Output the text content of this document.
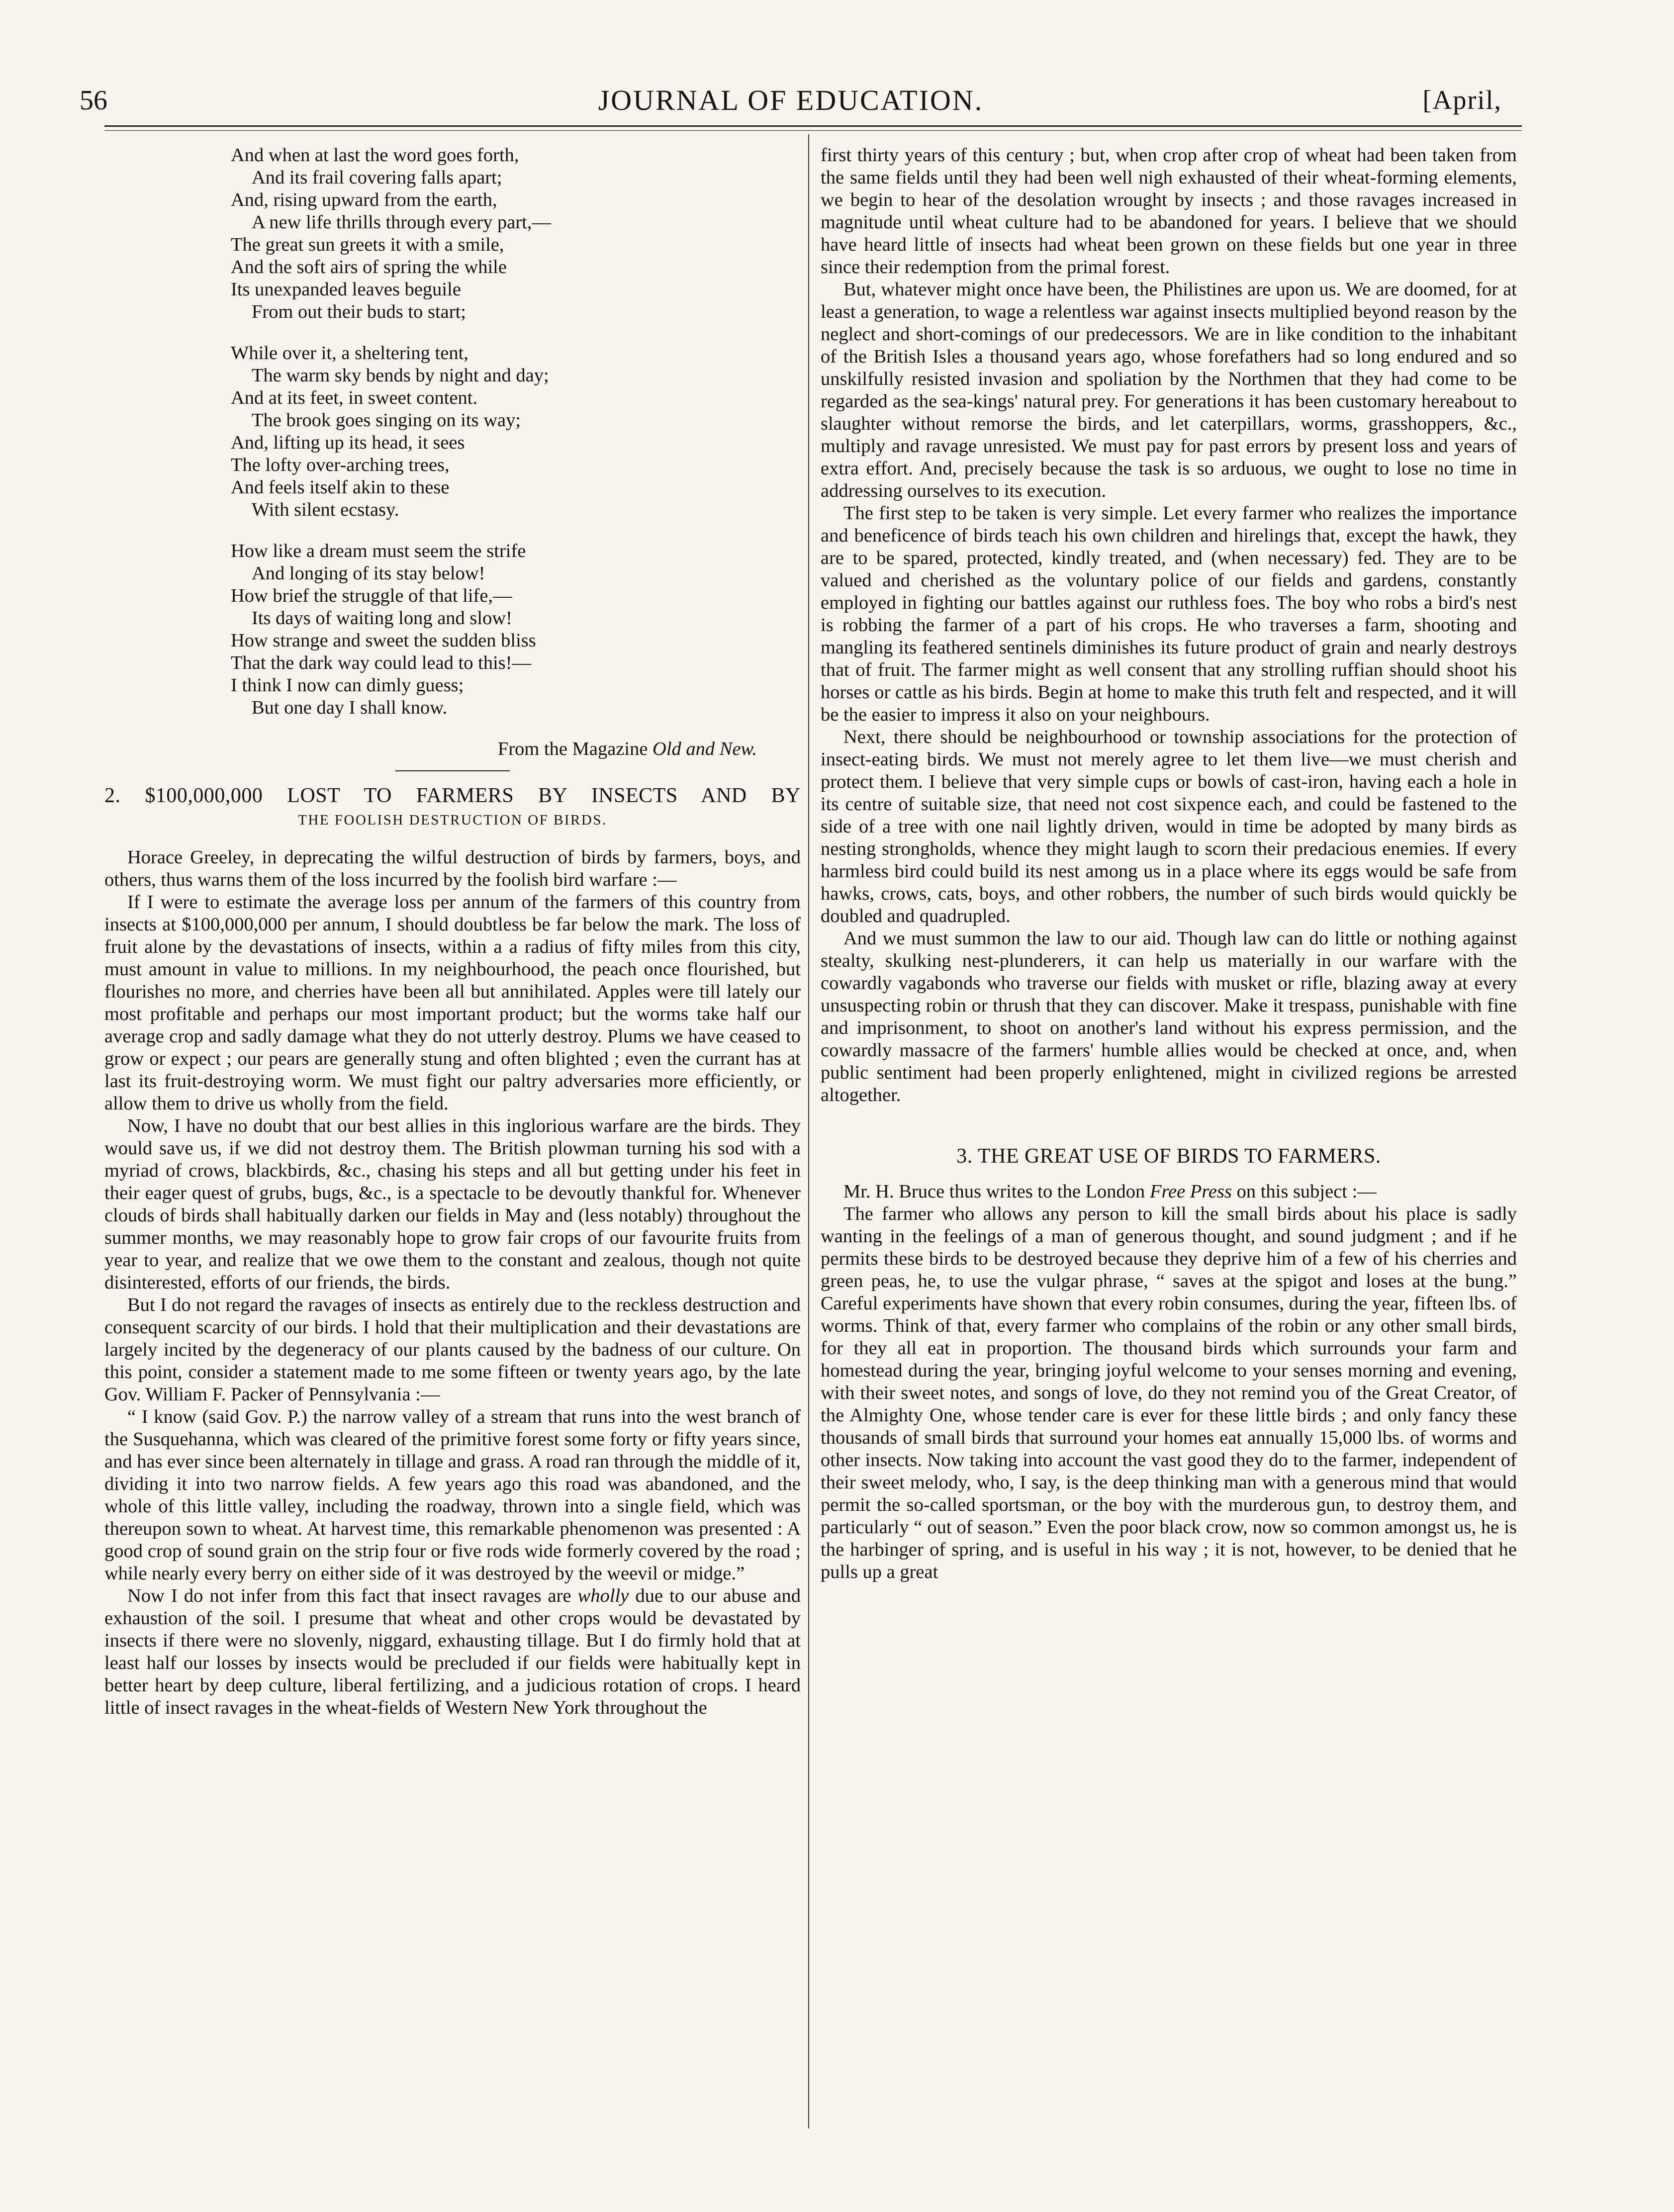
56	JOURNAL OF EDUCATION.	[April,
And when at last the word goes forth,
And its frail covering falls apart;
And, rising upward from the earth,
A new life thrills through every part,—
The great sun greets it with a smile,
And the soft airs of spring the while
Its unexpanded leaves beguile
From out their buds to start;
While over it, a sheltering tent,
The warm sky bends by night and day;
And at its feet, in sweet content.
The brook goes singing on its way;
And, lifting up its head, it sees
The lofty over-arching trees,
And feels itself akin to these
With silent ecstasy.
How like a dream must seem the strife
And longing of its stay below!
How brief the struggle of that life,—
Its days of waiting long and slow!
How strange and sweet the sudden bliss
That the dark way could lead to this!—
I think I now can dimly guess;
But one day I shall know.
From the Magazine Old and New.
2. $100,000,000 LOST TO FARMERS BY INSECTS AND BY
THE FOOLISH DESTRUCTION OF BIRDS.

Horace Greeley, in deprecating the wilful destruction of birds by farmers, boys, and others, thus warns them of the loss incurred by the foolish bird warfare :—

If I were to estimate the average loss per annum of the farmers of this country from insects at $100,000,000 per annum, I should doubtless be far below the mark. The loss of fruit alone by the devastations of insects, within a a radius of fifty miles from this city, must amount in value to millions. In my neighbourhood, the peach once flourished, but flourishes no more, and cherries have been all but annihilated. Apples were till lately our most profitable and perhaps our most important product; but the worms take half our average crop and sadly damage what they do not utterly destroy. Plums we have ceased to grow or expect ; our pears are generally stung and often blighted ; even the currant has at last its fruit-destroying worm. We must fight our paltry adversaries more efficiently, or allow them to drive us wholly from the field.

Now, I have no doubt that our best allies in this inglorious warfare are the birds. They would save us, if we did not destroy them. The British plowman turning his sod with a myriad of crows, blackbirds, &c., chasing his steps and all but getting under his feet in their eager quest of grubs, bugs, &c., is a spectacle to be devoutly thankful for. Whenever clouds of birds shall habitually darken our fields in May and (less notably) throughout the summer months, we may reasonably hope to grow fair crops of our favourite fruits from year to year, and realize that we owe them to the constant and zealous, though not quite disinterested, efforts of our friends, the birds.

But I do not regard the ravages of insects as entirely due to the reckless destruction and consequent scarcity of our birds. I hold that their multiplication and their devastations are largely incited by the degeneracy of our plants caused by the badness of our culture. On this point, consider a statement made to me some fifteen or twenty years ago, by the late Gov. William F. Packer of Pennsylvania :—

“ I know (said Gov. P.) the narrow valley of a stream that runs into the west branch of the Susquehanna, which was cleared of the primitive forest some forty or fifty years since, and has ever since been alternately in tillage and grass. A road ran through the middle of it, dividing it into two narrow fields. A few years ago this road was abandoned, and the whole of this little valley, including the roadway, thrown into a single field, which was thereupon sown to wheat. At harvest time, this remarkable phenomenon was presented : A good crop of sound grain on the strip four or five rods wide formerly covered by the road ; while nearly every berry on either side of it was destroyed by the weevil or midge.”

Now I do not infer from this fact that insect ravages are wholly due to our abuse and exhaustion of the soil. I presume that wheat and other crops would be devastated by insects if there were no slovenly, niggard, exhausting tillage. But I do firmly hold that at least half our losses by insects would be precluded if our fields were habitually kept in better heart by deep culture, liberal fertilizing, and a judicious rotation of crops. I heard little of insect ravages in the wheat-fields of Western New York throughout the

first thirty years of this century ; but, when crop after crop of wheat had been taken from the same fields until they had been well nigh exhausted of their wheat-forming elements, we begin to hear of the desolation wrought by insects ; and those ravages increased in magnitude until wheat culture had to be abandoned for years. I believe that we should have heard little of insects had wheat been grown on these fields but one year in three since their redemption from the primal forest.

But, whatever might once have been, the Philistines are upon us. We are doomed, for at least a generation, to wage a relentless war against insects multiplied beyond reason by the neglect and short-comings of our predecessors. We are in like condition to the inhabitant of the British Isles a thousand years ago, whose forefathers had so long endured and so unskilfully resisted invasion and spoliation by the Northmen that they had come to be regarded as the sea-kings' natural prey. For generations it has been customary hereabout to slaughter without remorse the birds, and let caterpillars, worms, grasshoppers, &c., multiply and ravage unresisted. We must pay for past errors by present loss and years of extra effort. And, precisely because the task is so arduous, we ought to lose no time in addressing ourselves to its execution.

The first step to be taken is very simple. Let every farmer who realizes the importance and beneficence of birds teach his own children and hirelings that, except the hawk, they are to be spared, protected, kindly treated, and (when necessary) fed. They are to be valued and cherished as the voluntary police of our fields and gardens, constantly employed in fighting our battles against our ruthless foes. The boy who robs a bird's nest is robbing the farmer of a part of his crops. He who traverses a farm, shooting and mangling its feathered sentinels diminishes its future product of grain and nearly destroys that of fruit. The farmer might as well consent that any strolling ruffian should shoot his horses or cattle as his birds. Begin at home to make this truth felt and respected, and it will be the easier to impress it also on your neighbours.

Next, there should be neighbourhood or township associations for the protection of insect-eating birds. We must not merely agree to let them live—we must cherish and protect them. I believe that very simple cups or bowls of cast-iron, having each a hole in its centre of suitable size, that need not cost sixpence each, and could be fastened to the side of a tree with one nail lightly driven, would in time be adopted by many birds as nesting strongholds, whence they might laugh to scorn their predacious enemies. If every harmless bird could build its nest among us in a place where its eggs would be safe from hawks, crows, cats, boys, and other robbers, the number of such birds would quickly be doubled and quadrupled.

And we must summon the law to our aid. Though law can do little or nothing against stealty, skulking nest-plunderers, it can help us materially in our warfare with the cowardly vagabonds who traverse our fields with musket or rifle, blazing away at every unsuspecting robin or thrush that they can discover. Make it trespass, punishable with fine and imprisonment, to shoot on another's land without his express permission, and the cowardly massacre of the farmers' humble allies would be checked at once, and, when public sentiment had been properly enlightened, might in civilized regions be arrested altogether.

3. THE GREAT USE OF BIRDS TO FARMERS.

Mr. H. Bruce thus writes to the London Free Press on this subject :—

The farmer who allows any person to kill the small birds about his place is sadly wanting in the feelings of a man of generous thought, and sound judgment ; and if he permits these birds to be destroyed because they deprive him of a few of his cherries and green peas, he, to use the vulgar phrase, “ saves at the spigot and loses at the bung.” Careful experiments have shown that every robin consumes, during the year, fifteen lbs. of worms. Think of that, every farmer who complains of the robin or any other small birds, for they all eat in proportion. The thousand birds which surrounds your farm and homestead during the year, bringing joyful welcome to your senses morning and evening, with their sweet notes, and songs of love, do they not remind you of the Great Creator, of the Almighty One, whose tender care is ever for these little birds ; and only fancy these thousands of small birds that surround your homes eat annually 15,000 lbs. of worms and other insects. Now taking into account the vast good they do to the farmer, independent of their sweet melody, who, I say, is the deep thinking man with a generous mind that would permit the so-called sportsman, or the boy with the murderous gun, to destroy them, and particularly “ out of season.” Even the poor black crow, now so common amongst us, he is the harbinger of spring, and is useful in his way ; it is not, however, to be denied that he pulls up a great
